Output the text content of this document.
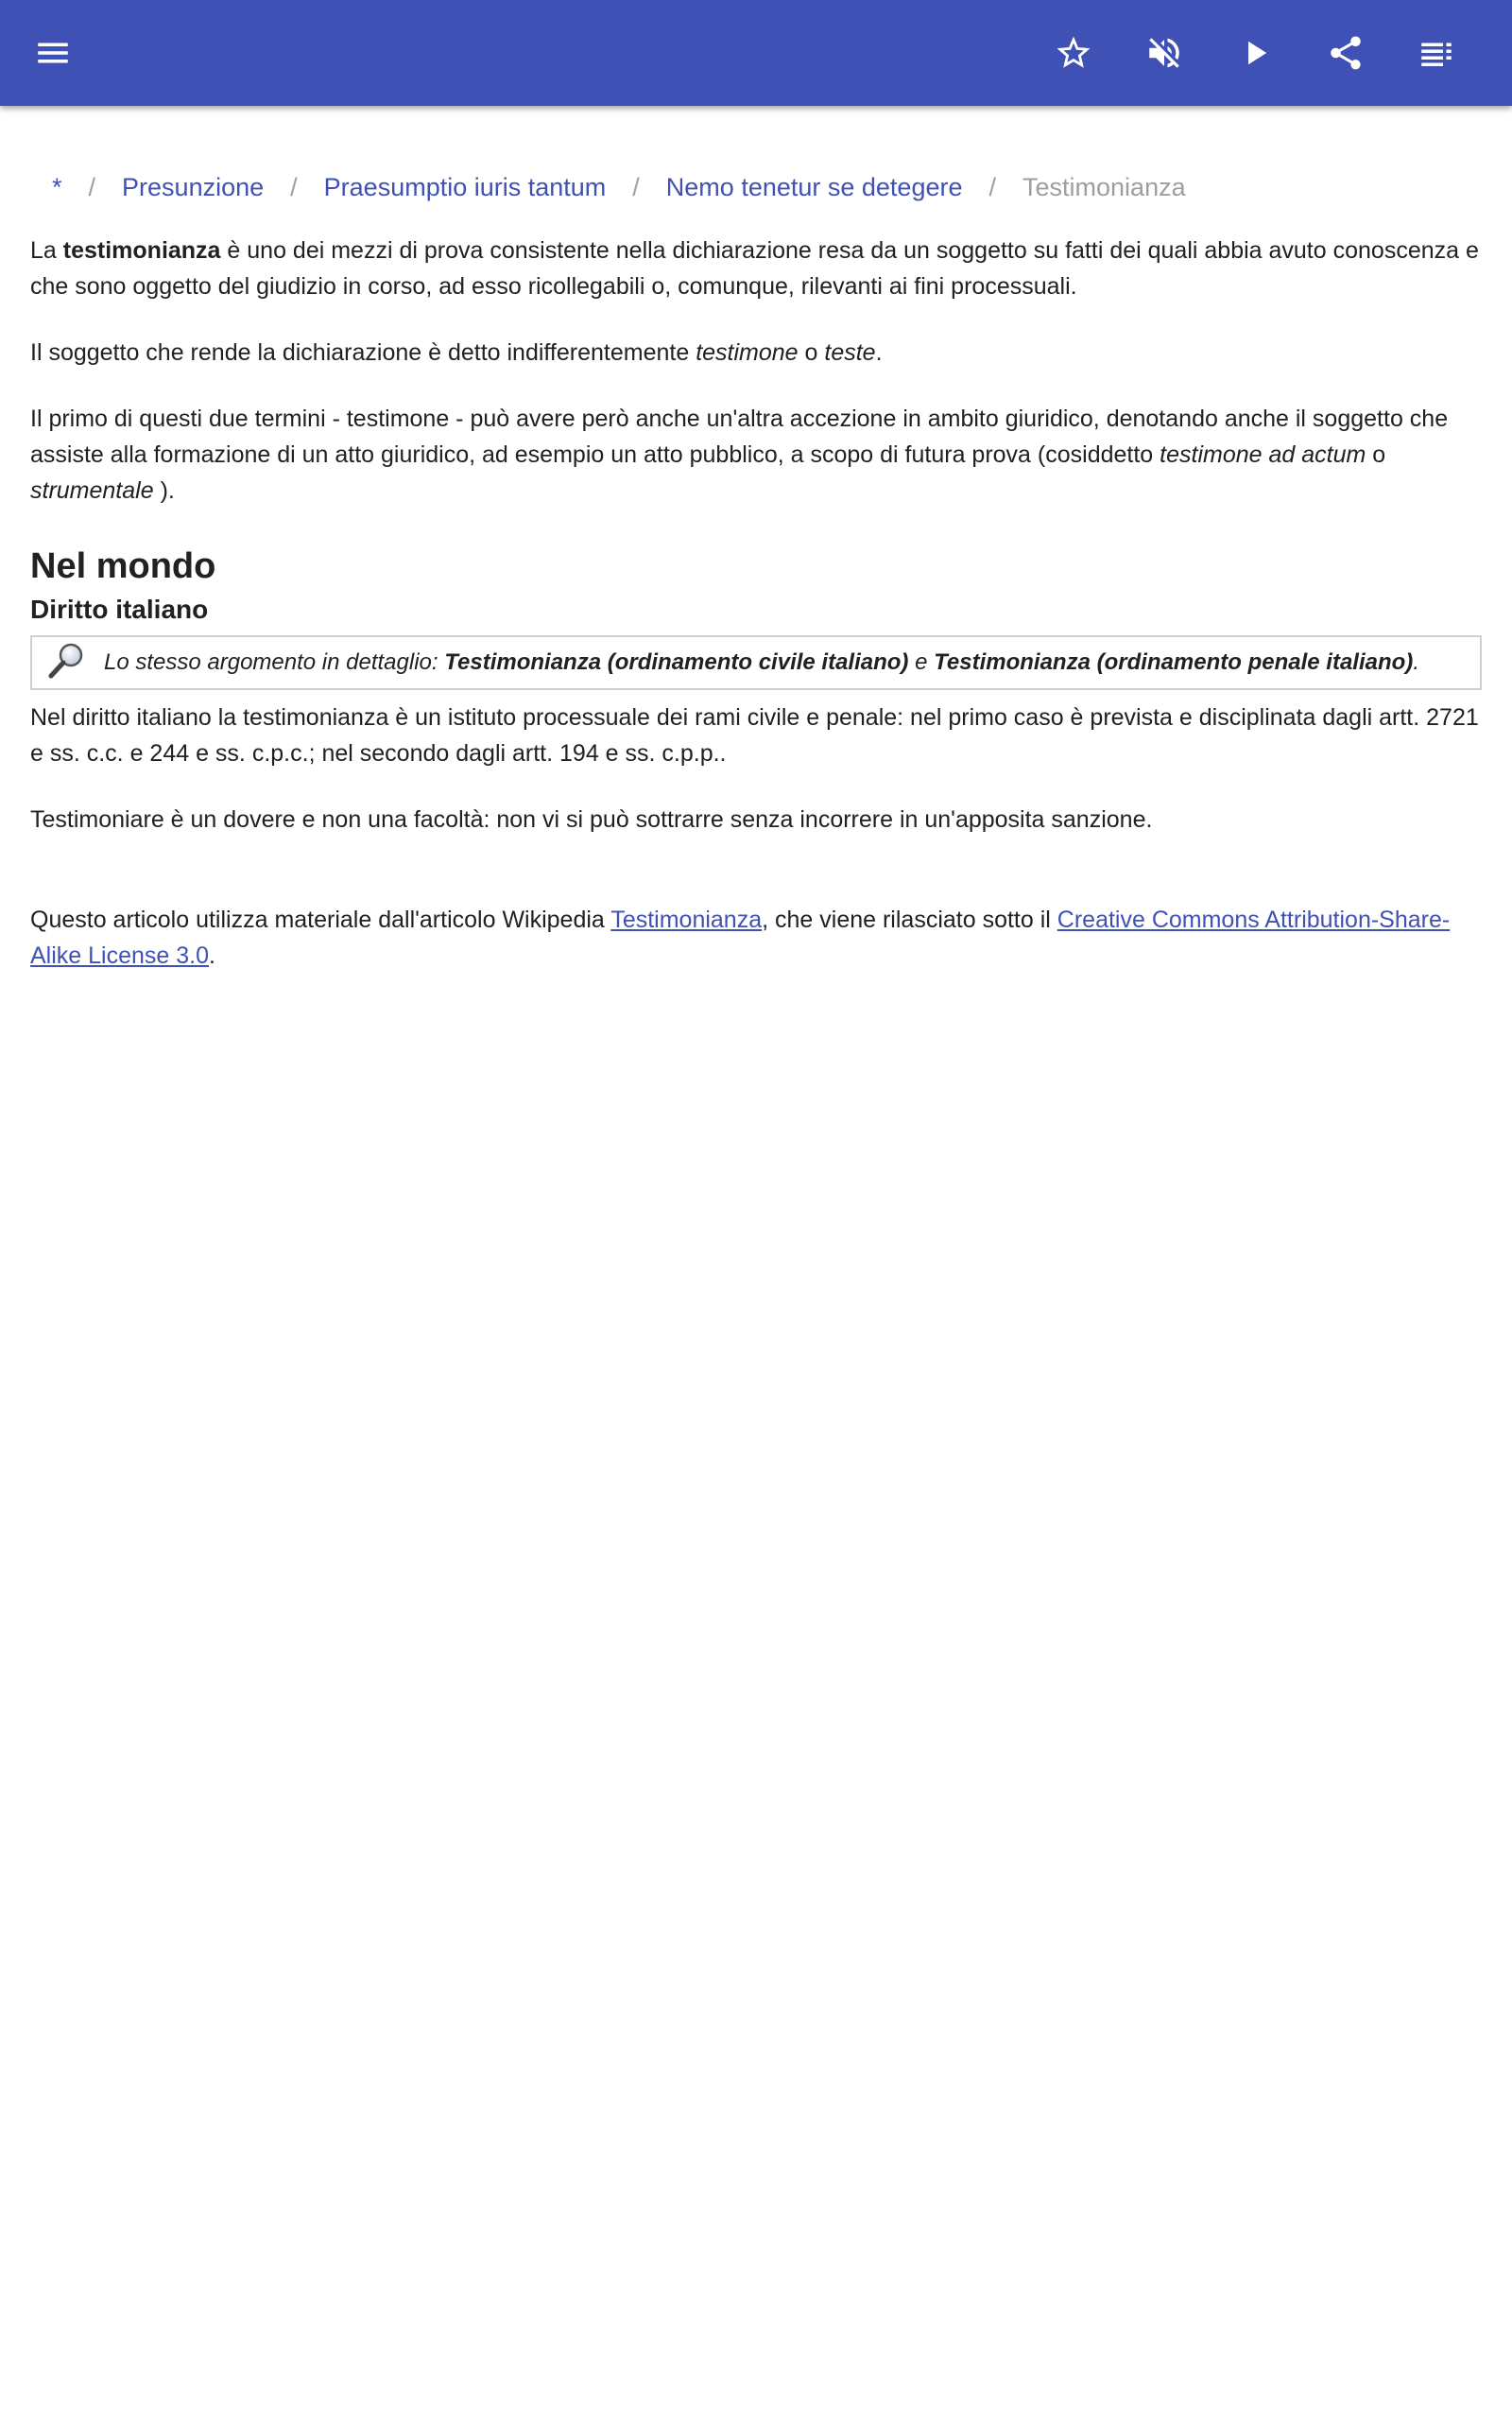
* / Presunzione / Praesumptio iuris tantum / Nemo tenetur se detegere / Testimonianza

La testimonianza è uno dei mezzi di prova consistente nella dichiarazione resa da un soggetto su fatti dei quali abbia avuto conoscenza e che sono oggetto del giudizio in corso, ad esso ricollegabili o, comunque, rilevanti ai fini processuali.

Il soggetto che rende la dichiarazione è detto indifferentemente testimone o teste.

Il primo di questi due termini - testimone - può avere però anche un'altra accezione in ambito giuridico, denotando anche il soggetto che assiste alla formazione di un atto giuridico, ad esempio un atto pubblico, a scopo di futura prova (cosiddetto testimone ad actum o strumentale ).

Nel mondo
Diritto italiano
Lo stesso argomento in dettaglio:
Testimonianza (ordinamento civile italiano) e Testimonianza (ordinamento penale italiano) .

Nel diritto italiano la testimonianza è un istituto processuale dei rami civile e penale: nel primo caso è prevista e disciplinata dagli artt. 2721 e ss. c.c. e 244 e ss. c.p.c.; nel secondo dagli artt. 194 e ss. c.p.p..

Testimoniare è un dovere e non una facoltà: non vi si può sottrarre senza incorrere in un'apposita sanzione.

Questo articolo utilizza materiale dall'articolo Wikipedia Testimonianza, che viene rilasciato sotto il Creative Commons Attribution-Share-Alike License 3.0.
